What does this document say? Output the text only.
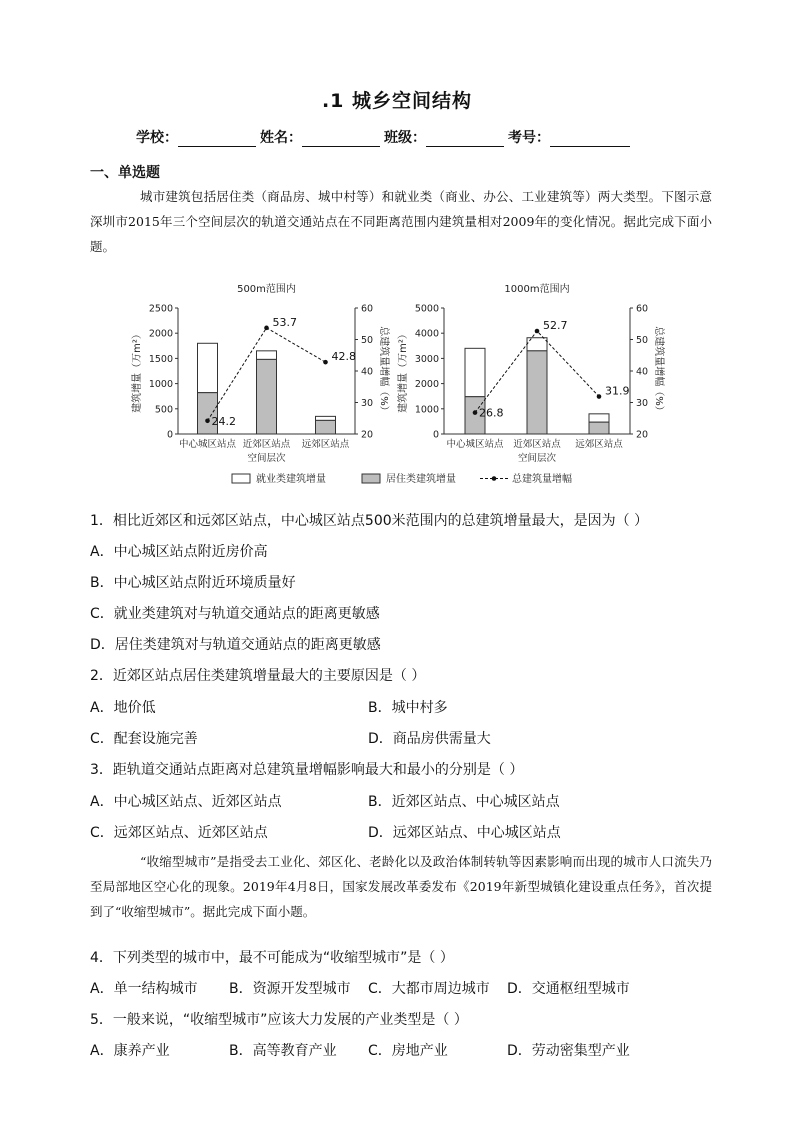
.1 城乡空间结构
学校：	姓名：	班级：	考号：
一、单选题
城市建筑包括居住类（商品房、城中村等）和就业类（商业、办公、工业建筑等）两大类型。下图示意深圳市2015年三个空间层次的轨道交通站点在不同距离范围内建筑量相对2009年的变化情况。据此完成下面小题。
500m范围内
0
500
1000
1500
2000
2500
20
30
40
50
60
建筑增量（万m²）	总建筑量增幅（%）
中心城区站点 近郊区站点 远郊区站点
空间层次
24.2
53.7
42.8
1000m范围内
0
1000
2000
3000
4000
5000
20
30
40
50
60
建筑增量（万m²）	总建筑量增幅（%）
中心城区站点 近郊区站点 远郊区站点
空间层次
26.8
52.7
31.9
就业类建筑增量	居住类建筑增量	总建筑量增幅
1．相比近郊区和远郊区站点，中心城区站点500米范围内的总建筑增量最大，是因为（ ）
A．中心城区站点附近房价高
B．中心城区站点附近环境质量好
C．就业类建筑对与轨道交通站点的距离更敏感
D．居住类建筑对与轨道交通站点的距离更敏感
2．近郊区站点居住类建筑增量最大的主要原因是（ ）
A．地价低	B．城中村多
C．配套设施完善	D．商品房供需量大
3．距轨道交通站点距离对总建筑量增幅影响最大和最小的分别是（ ）
A．中心城区站点、近郊区站点	B．近郊区站点、中心城区站点
C．远郊区站点、近郊区站点	D．远郊区站点、中心城区站点
“收缩型城市”是指受去工业化、郊区化、老龄化以及政治体制转轨等因素影响而出现的城市人口流失乃至局部地区空心化的现象。2019年4月8日，国家发展改革委发布《2019年新型城镇化建设重点任务》，首次提到了“收缩型城市”。据此完成下面小题。
4．下列类型的城市中，最不可能成为“收缩型城市”是（ ）
A．单一结构城市 B．资源开发型城市 C．大都市周边城市 D．交通枢纽型城市
5．一般来说，“收缩型城市”应该大力发展的产业类型是（ ）
A．康养产业	B．高等教育产业 C．房地产业	D．劳动密集型产业
